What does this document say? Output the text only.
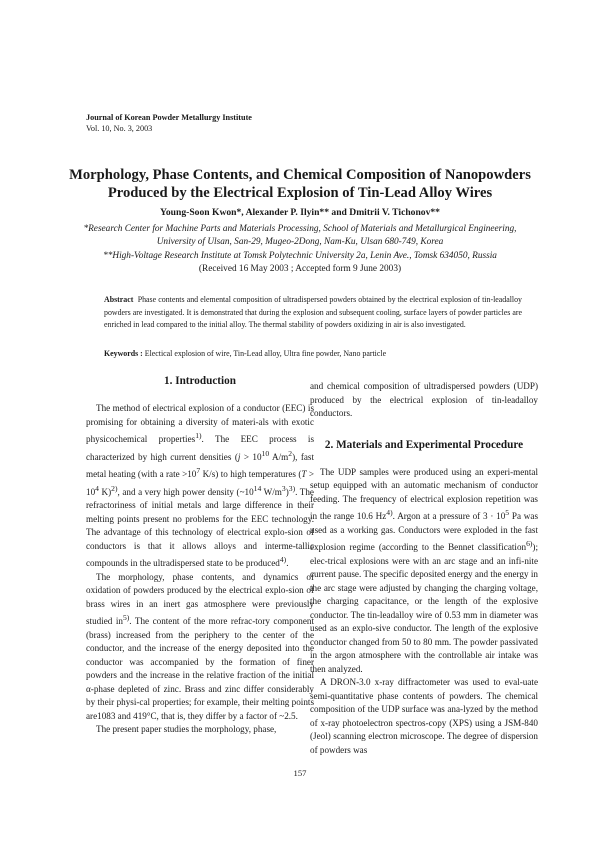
Journal of Korean Powder Metallurgy Institute
Vol. 10, No. 3, 2003
Morphology, Phase Contents, and Chemical Composition of Nanopowders
Produced by the Electrical Explosion of Tin-Lead Alloy Wires
Young-Soon Kwon*, Alexander P. Ilyin** and Dmitrii V. Tichonov**
*Research Center for Machine Parts and Materials Processing, School of Materials and Metallurgical Engineering,
University of Ulsan, San-29, Mugeo-2Dong, Nam-Ku, Ulsan 680-749, Korea
**High-Voltage Research Institute at Tomsk Polytechnic University 2a, Lenin Ave., Tomsk 634050, Russia
(Received 16 May 2003 ; Accepted form 9 June 2003)
Abstract Phase contents and elemental composition of ultradispersed powders obtained by the electrical explosion of tin-leadalloy powders are investigated. It is demonstrated that during the explosion and subsequent cooling, surface layers of powder particles are enriched in lead compared to the initial alloy. The thermal stability of powders oxidizing in air is also investigated.
Keywords : Electical explosion of wire, Tin-Lead alloy, Ultra fine powder, Nano particle
1. Introduction

The method of electrical explosion of a conductor (EEC) is promising for obtaining a diversity of materi-als with exotic physicochemical properties$^{1)}$. The EEC process is characterized by high current densities ($j > 10^{10}$ $A/m^2$), fast metal heating (with a rate $>10^7$ K/s) to high temperatures ($T > 10^4$ K)$^{2)}$, and a very high power density ($\sim 10^{14}$ $W/m^3)^{3)}$. The refractoriness of initial metals and large difference in their melting points present no problems for the EEC technology. The advantage of this technology of electrical explo-sion of conductors is that it allows alloys and interme-tallic compounds in the ultradispersed state to be produced$^{4)}$.

The morphology, phase contents, and dynamics of oxidation of powders produced by the electrical explo-sion of brass wires in an inert gas atmosphere were previously studied $in^{5)}$. The content of the more refrac-tory component (brass) increased from the periphery to the center of the conductor, and the increase of the energy deposited into the conductor was accompanied by the formation of finer powders and the increase in the relative fraction of the initial α-phase depleted of zinc. Brass and zinc differ considerably by their physi-cal properties; for example, their melting points are1083 and 419°C, that is, they differ by a factor of ~2.5.

The present paper studies the morphology, phase,

and chemical composition of ultradispersed powders (UDP) produced by the electrical explosion of tin-leadalloy conductors.

2. Materials and Experimental Procedure

The UDP samples were produced using an experi-mental setup equipped with an automatic mechanism of conductor feeding. The frequency of electrical explosion repetition was in the range 10.6 Hz$^{4)}$. Argon at a pressure of $3 \cdot 10^5$ Pa was used as a working gas. Conductors were exploded in the fast explosion regime (according to the Bennet classification$^{6)}$); elec-trical explosions were with an arc stage and an infi-nite current pause. The specific deposited energy and the energy in the arc stage were adjusted by changing the charging voltage, the charging capacitance, or the length of the explosive conductor. The tin-leadalloy wire of 0.53 mm in diameter was used as an explo-sive conductor. The length of the explosive conductor changed from 50 to 80 mm. The powder passivated in the argon atmosphere with the controllable air intake was then analyzed.

A DRON-3.0 x-ray diffractometer was used to eval-uate semi-quantitative phase contents of powders. The chemical composition of the UDP surface was ana-lyzed by the method of x-ray photoelectron spectros-copy (XPS) using a JSM-840 (Jeol) scanning electron microscope. The degree of dispersion of powders was

157
